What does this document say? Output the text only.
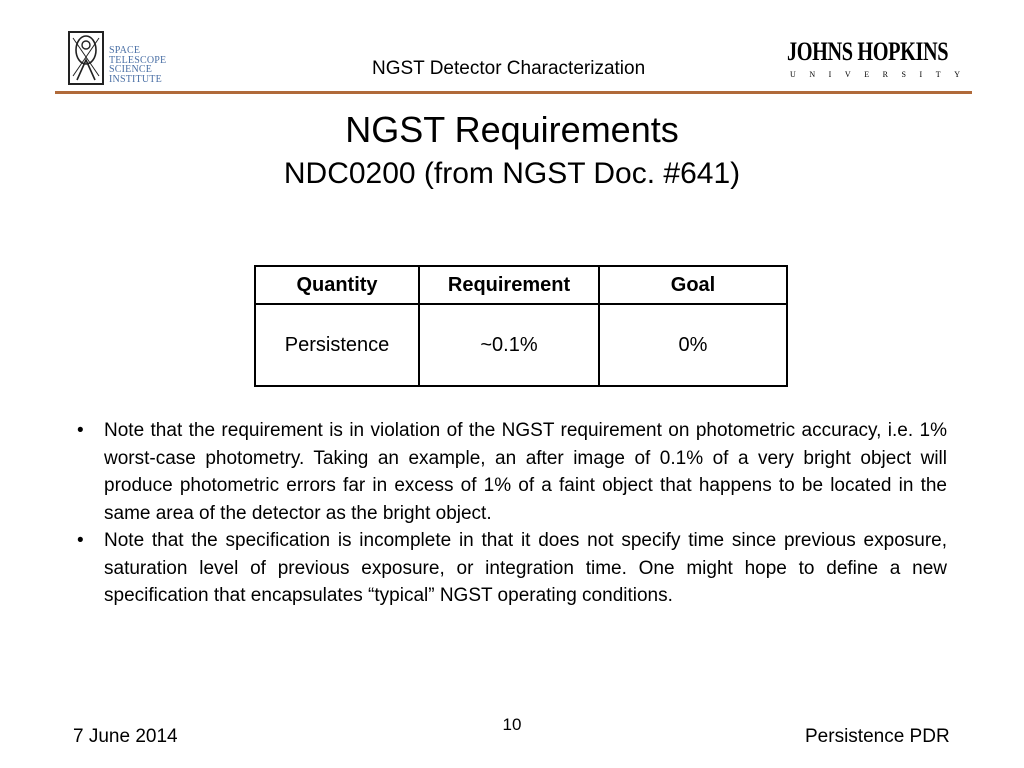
SPACE
TELESCOPE
SCIENCE
INSTITUTE	NGST Detector Characterization
JOHNS HOPKINS
U N I V E R S I T Y
NGST Requirements
NDC0200 (from NGST Doc. #641)
Quantity	Requirement	Goal
Persistence	~0.1%	0%
• Note that the requirement is in violation of the NGST requirement on photometric accuracy, i.e. 1% worst-case photometry. Taking an example, an after image of 0.1% of a very bright object will produce photometric errors far in excess of 1% of a faint object that happens to be located in the same area of the detector as the bright object.
• Note that the specification is incomplete in that it does not specify time since previous exposure, saturation level of previous exposure, or integration time. One might hope to define a new specification that encapsulates “typical” NGST operating conditions.
7 June 2014
10
Persistence PDR
